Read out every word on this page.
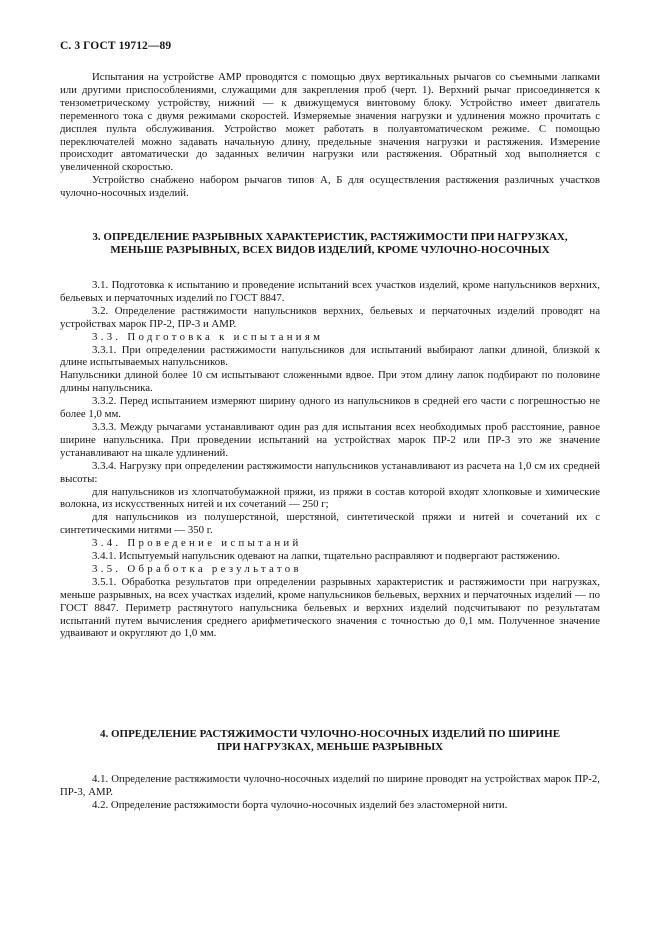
С. 3 ГОСТ 19712—89

Испытания на устройстве АМР проводятся с помощью двух вертикальных рычагов со съемными лапками или другими приспособлениями, служащими для закрепления проб (черт. 1). Верхний рычаг присоединяется к тензометрическому устройству, нижний — к движущемуся винтовому блоку. Устройство имеет двигатель переменного тока с двумя режимами скоростей. Измеряемые значения нагрузки и удлинения можно прочитать с дисплея пульта обслуживания. Устройство может работать в полуавтоматическом режиме. С помощью переключателей можно задавать начальную длину, предельные значения нагрузки и растяжения. Измерение происходит автоматически до заданных величин нагрузки или растяжения. Обратный ход выполняется с увеличенной скоростью.

Устройство снабжено набором рычагов типов А, Б для осуществления растяжения различных участков чулочно-носочных изделий.

3. ОПРЕДЕЛЕНИЕ РАЗРЫВНЫХ ХАРАКТЕРИСТИК, РАСТЯЖИМОСТИ ПРИ НАГРУЗКАХ,
МЕНЬШЕ РАЗРЫВНЫХ, ВСЕХ ВИДОВ ИЗДЕЛИЙ, КРОМЕ ЧУЛОЧНО-НОСОЧНЫХ

3.1. Подготовка к испытанию и проведение испытаний всех участков изделий, кроме напульсников верхних, бельевых и перчаточных изделий по ГОСТ 8847.

3.2. Определение растяжимости напульсников верхних, бельевых и перчаточных изделий проводят на устройствах марок ПР-2, ПР-3 и АМР.

3.3. Подготовка к испытаниям

3.3.1. При определении растяжимости напульсников для испытаний выбирают лапки длиной, близкой к длине испытываемых напульсников.

Напульсники длиной более 10 см испытывают сложенными вдвое. При этом длину лапок подбирают по половине длины напульсника.

3.3.2. Перед испытанием измеряют ширину одного из напульсников в средней его части с погрешностью не более 1,0 мм.

3.3.3. Между рычагами устанавливают один раз для испытания всех необходимых проб расстояние, равное ширине напульсника. При проведении испытаний на устройствах марок ПР-2 или ПР-3 это же значение устанавливают на шкале удлинений.

3.3.4. Нагрузку при определении растяжимости напульсников устанавливают из расчета на 1,0 см их средней высоты:

для напульсников из хлопчатобумажной пряжи, из пряжи в состав которой входят хлопковые и химические волокна, из искусственных нитей и их сочетаний — 250 г;

для напульсников из полушерстяной, шерстяной, синтетической пряжи и нитей и сочетаний их с синтетическими нитями — 350 г.

3.4. Проведение испытаний

3.4.1. Испытуемый напульсник одевают на лапки, тщательно расправляют и подвергают растяжению.

3.5. Обработка результатов

3.5.1. Обработка результатов при определении разрывных характеристик и растяжимости при нагрузках, меньше разрывных, на всех участках изделий, кроме напульсников бельевых, верхних и перчаточных изделий — по ГОСТ 8847. Периметр растянутого напульсника бельевых и верхних изделий подсчитывают по результатам испытаний путем вычисления среднего арифметического значения с точностью до 0,1 мм. Полученное значение удваивают и округляют до 1,0 мм.

4. ОПРЕДЕЛЕНИЕ РАСТЯЖИМОСТИ ЧУЛОЧНО-НОСОЧНЫХ ИЗДЕЛИЙ ПО ШИРИНЕ
ПРИ НАГРУЗКАХ, МЕНЬШЕ РАЗРЫВНЫХ

4.1. Определение растяжимости чулочно-носочных изделий по ширине проводят на устройствах марок ПР-2, ПР-3, АМР.

4.2. Определение растяжимости борта чулочно-носочных изделий без эластомерной нити.
